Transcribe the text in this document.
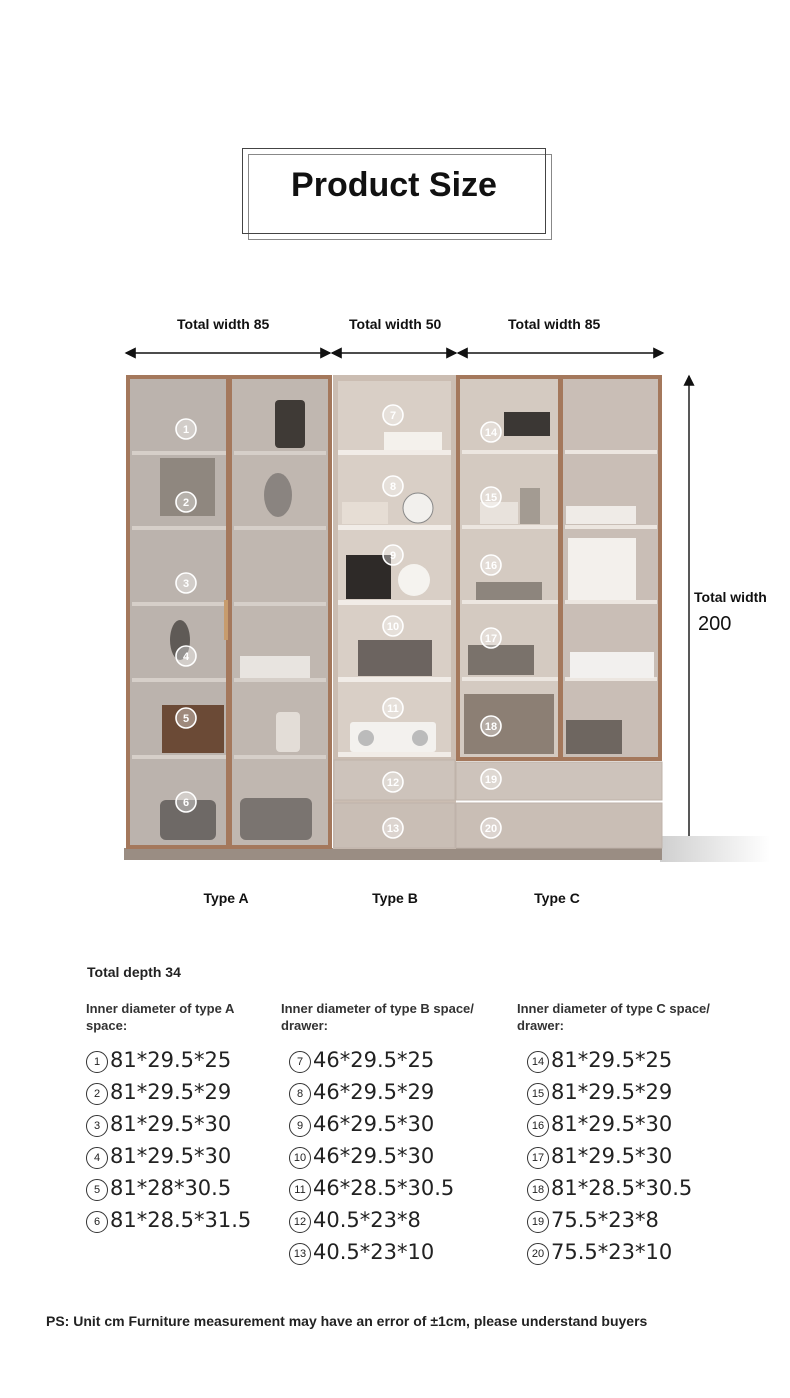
Product Size
Total width 85	Total width 50	Total width 85
1
2
3
4
5
6
7
8
9
10
11
12
13
14
15
16
17
18
19
20
Total width
200
Type A	Type B	Type C
Total depth 34
Inner diameter of type A space:
1 81*29.5*25
2 81*29.5*29
3 81*29.5*30
4 81*29.5*30
5 81*28*30.5
6 81*28.5*31.5
Inner diameter of type B space/ drawer:
7 46*29.5*25
8 46*29.5*29
9 46*29.5*30
10 46*29.5*30
11 46*28.5*30.5
12 40.5*23*8
13 40.5*23*10
Inner diameter of type C space/ drawer:
14 81*29.5*25
15 81*29.5*29
16 81*29.5*30
17 81*29.5*30
18 81*28.5*30.5
19 75.5*23*8
20 75.5*23*10
PS: Unit cm Furniture measurement may have an error of ±1cm, please understand buyers
